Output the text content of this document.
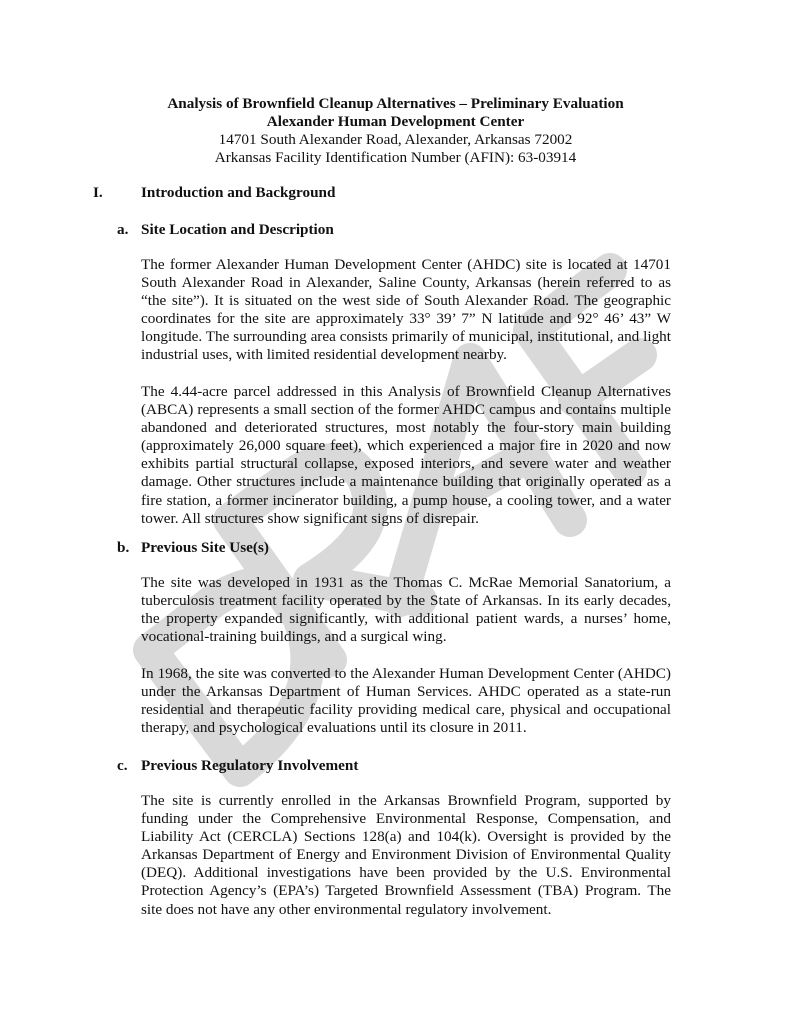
Analysis of Brownfield Cleanup Alternatives – Preliminary Evaluation
Alexander Human Development Center
14701 South Alexander Road, Alexander, Arkansas 72002
Arkansas Facility Identification Number (AFIN): 63-03914
I.	Introduction and Background
a. Site Location and Description

The former Alexander Human Development Center (AHDC) site is located at 14701 South Alexander Road in Alexander, Saline County, Arkansas (herein referred to as “the site”). It is situated on the west side of South Alexander Road. The geographic coordinates for the site are approximately 33° 39’ 7” N latitude and 92° 46’ 43” W longitude. The surrounding area consists primarily of municipal, institutional, and light industrial uses, with limited residential development nearby.

The 4.44-acre parcel addressed in this Analysis of Brownfield Cleanup Alternatives (ABCA) represents a small section of the former AHDC campus and contains multiple abandoned and deteriorated structures, most notably the four-story main building (approximately 26,000 square feet), which experienced a major fire in 2020 and now exhibits partial structural collapse, exposed interiors, and severe water and weather damage. Other structures include a maintenance building that originally operated as a fire station, a former incinerator building, a pump house, a cooling tower, and a water tower. All structures show significant signs of disrepair.

b. Previous Site Use(s)

The site was developed in 1931 as the Thomas C. McRae Memorial Sanatorium, a tuberculosis treatment facility operated by the State of Arkansas. In its early decades, the property expanded significantly, with additional patient wards, a nurses’ home, vocational-training buildings, and a surgical wing.

In 1968, the site was converted to the Alexander Human Development Center (AHDC) under the Arkansas Department of Human Services. AHDC operated as a state-run residential and therapeutic facility providing medical care, physical and occupational therapy, and psychological evaluations until its closure in 2011.

c. Previous Regulatory Involvement

The site is currently enrolled in the Arkansas Brownfield Program, supported by funding under the Comprehensive Environmental Response, Compensation, and Liability Act (CERCLA) Sections 128(a) and 104(k). Oversight is provided by the Arkansas Department of Energy and Environment Division of Environmental Quality (DEQ). Additional investigations have been provided by the U.S. Environmental Protection Agency’s (EPA’s) Targeted Brownfield Assessment (TBA) Program. The site does not have any other environmental regulatory involvement.
